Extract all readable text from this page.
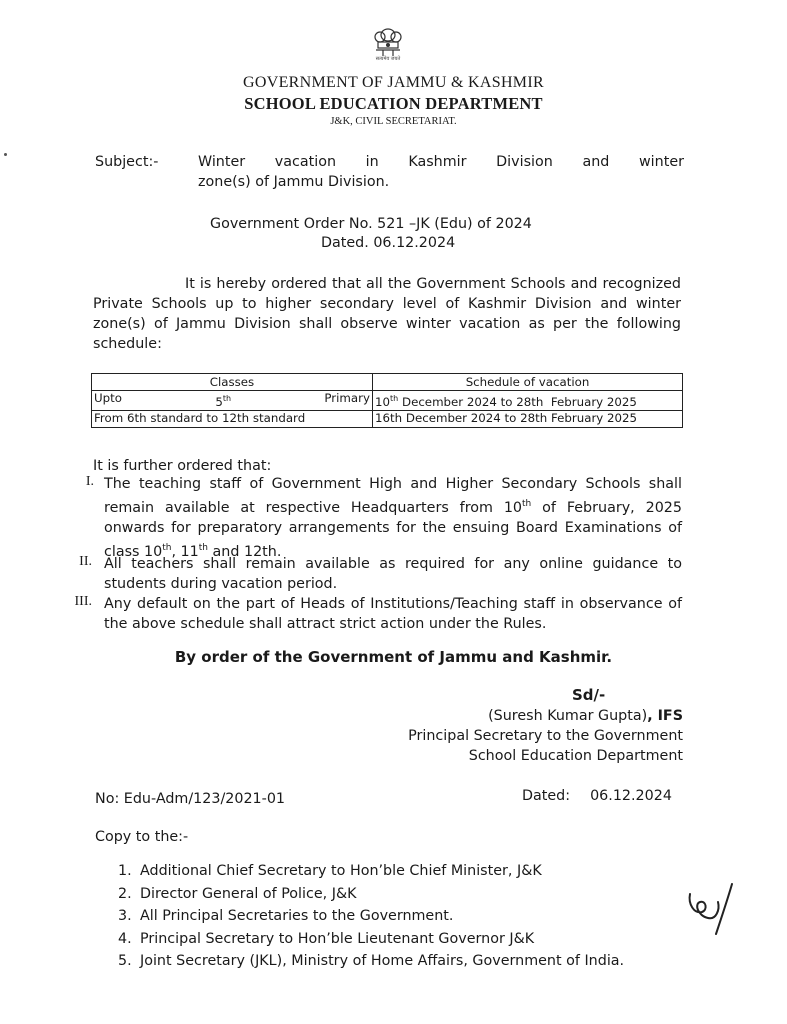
सत्यमेव जयते
GOVERNMENT OF JAMMU & KASHMIR
SCHOOL EDUCATION DEPARTMENT
J&K, CIVIL SECRETARIAT.
Subject:-	Winter vacation in Kashmir Division and winter
zone(s) of Jammu Division.
Government Order No. 521 –JK (Edu) of 2024
Dated. 06.12.2024
It is hereby ordered that all the Government Schools and recognized Private Schools up to higher secondary level of Kashmir Division and winter zone(s) of Jammu Division shall observe winter vacation as per the following schedule:
Classes	Schedule of vacation

Upto 5th Primary	10th December 2024 to 28th  February 2025
From 6th standard to 12th standard	16th December 2024 to 28th February 2025
It is further ordered that:
I. The teaching staff of Government High and Higher Secondary Schools shall remain available at respective Headquarters from 10th of February, 2025 onwards for preparatory arrangements for the ensuing Board Examinations of class 10th, 11th and 12th.
II. All teachers shall remain available as required for any online guidance to students during vacation period.
III. Any default on the part of Heads of Institutions/Teaching staff in observance of the above schedule shall attract strict action under the Rules.
By order of the Government of Jammu and Kashmir.
Sd/-
(Suresh Kumar Gupta), IFS
Principal Secretary to the Government
School Education Department
No: Edu-Adm/123/2021-01	Dated: 06.12.2024
Copy to the:-
1. Additional Chief Secretary to Hon’ble Chief Minister, J&K
2. Director General of Police, J&K
3. All Principal Secretaries to the Government.
4. Principal Secretary to Hon’ble Lieutenant Governor J&K
5. Joint Secretary (JKL), Ministry of Home Affairs, Government of India.
